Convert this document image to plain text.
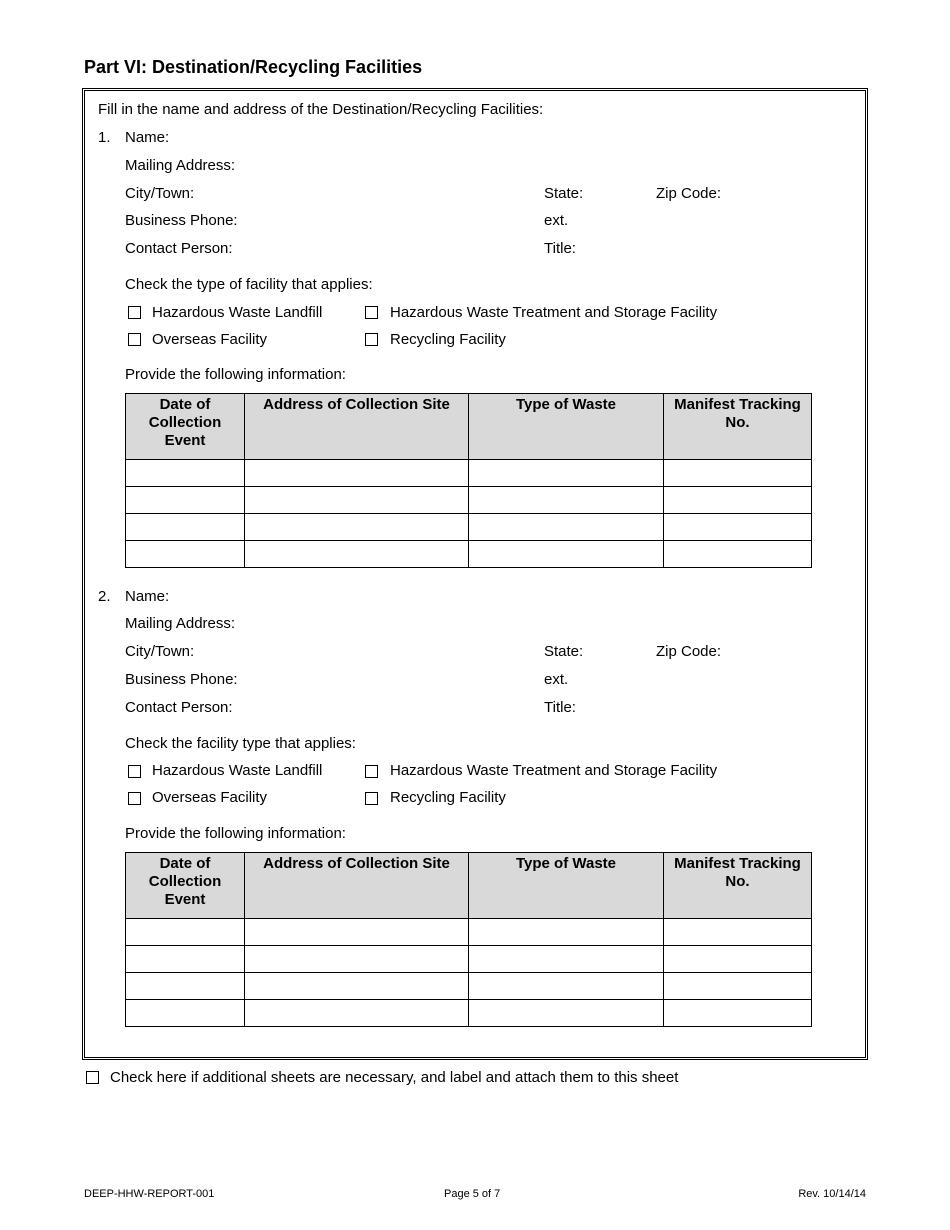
Part VI: Destination/Recycling Facilities
Fill in the name and address of the Destination/Recycling Facilities:
1. Name:
Mailing Address:
City/Town:	State:	Zip Code:
Business Phone:	ext.
Contact Person:	Title:
Check the type of facility that applies:
Hazardous Waste Landfill	Hazardous Waste Treatment and Storage Facility
Overseas Facility	Recycling Facility
Provide the following information:
Date of Collection Event	Address of Collection Site	Type of Waste	Manifest Tracking No.

2. Name:
Mailing Address:
City/Town:	State:	Zip Code:
Business Phone:	ext.
Contact Person:	Title:
Check the facility type that applies:
Hazardous Waste Landfill	Hazardous Waste Treatment and Storage Facility
Overseas Facility	Recycling Facility
Provide the following information:
Date of Collection Event	Address of Collection Site	Type of Waste	Manifest Tracking No.

Check here if additional sheets are necessary, and label and attach them to this sheet
DEEP-HHW-REPORT-001	Page 5 of 7	Rev. 10/14/14
